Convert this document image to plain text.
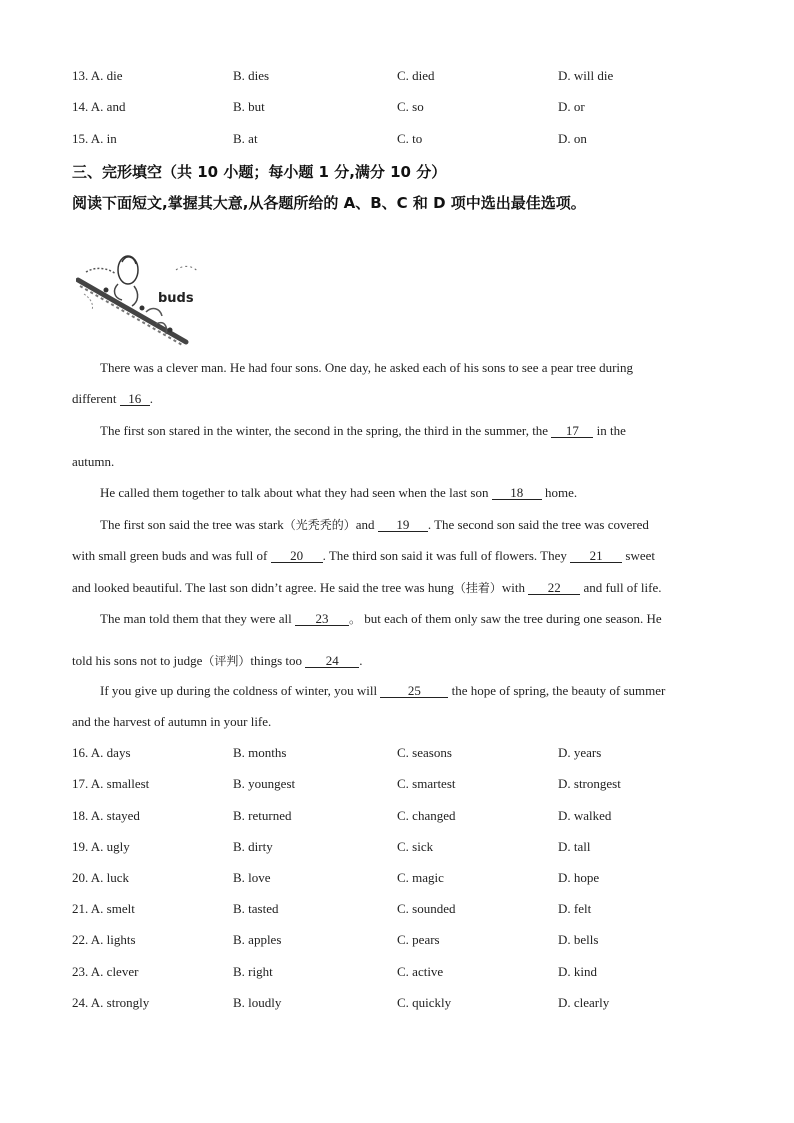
13. A. die	B. dies	C. died	D. will die
14. A. and	B. but	C. so	D. or
15. A. in	B. at	C. to	D. on
三、完形填空（共 10 小题；每小题 1 分,满分 10 分）
阅读下面短文,掌握其大意,从各题所给的 A、B、C 和 D 项中选出最佳选项。
buds
There was a clever man. He had four sons. One day, he asked each of his sons to see a pear tree during
different 16 .
The first son stared in the winter, the second in the spring, the third in the summer, the 17 in the
autumn.
He called them together to talk about what they had seen when the last son 18 home.
The first son said the tree was stark（光秃秃的）and 19 . The second son said the tree was covered
with small green buds and was full of 20 . The third son said it was full of flowers. They 21 sweet
and looked beautiful. The last son didn’t agree. He said the tree was hung（挂着）with 22 and full of life.
The man told them that they were all 23 。 but each of them only saw the tree during one season. He
told his sons not to judge（评判）things too 24 .
If you give up during the coldness of winter, you will 25 the hope of spring, the beauty of summer
and the harvest of autumn in your life.
16. A. days	B. months	C. seasons	D. years
17. A. smallest	B. youngest	C. smartest	D. strongest
18. A. stayed	B. returned	C. changed	D. walked
19. A. ugly	B. dirty	C. sick	D. tall
20. A. luck	B. love	C. magic	D. hope
21. A. smelt	B. tasted	C. sounded	D. felt
22. A. lights	B. apples	C. pears	D. bells
23. A. clever	B. right	C. active	D. kind
24. A. strongly	B. loudly	C. quickly	D. clearly
